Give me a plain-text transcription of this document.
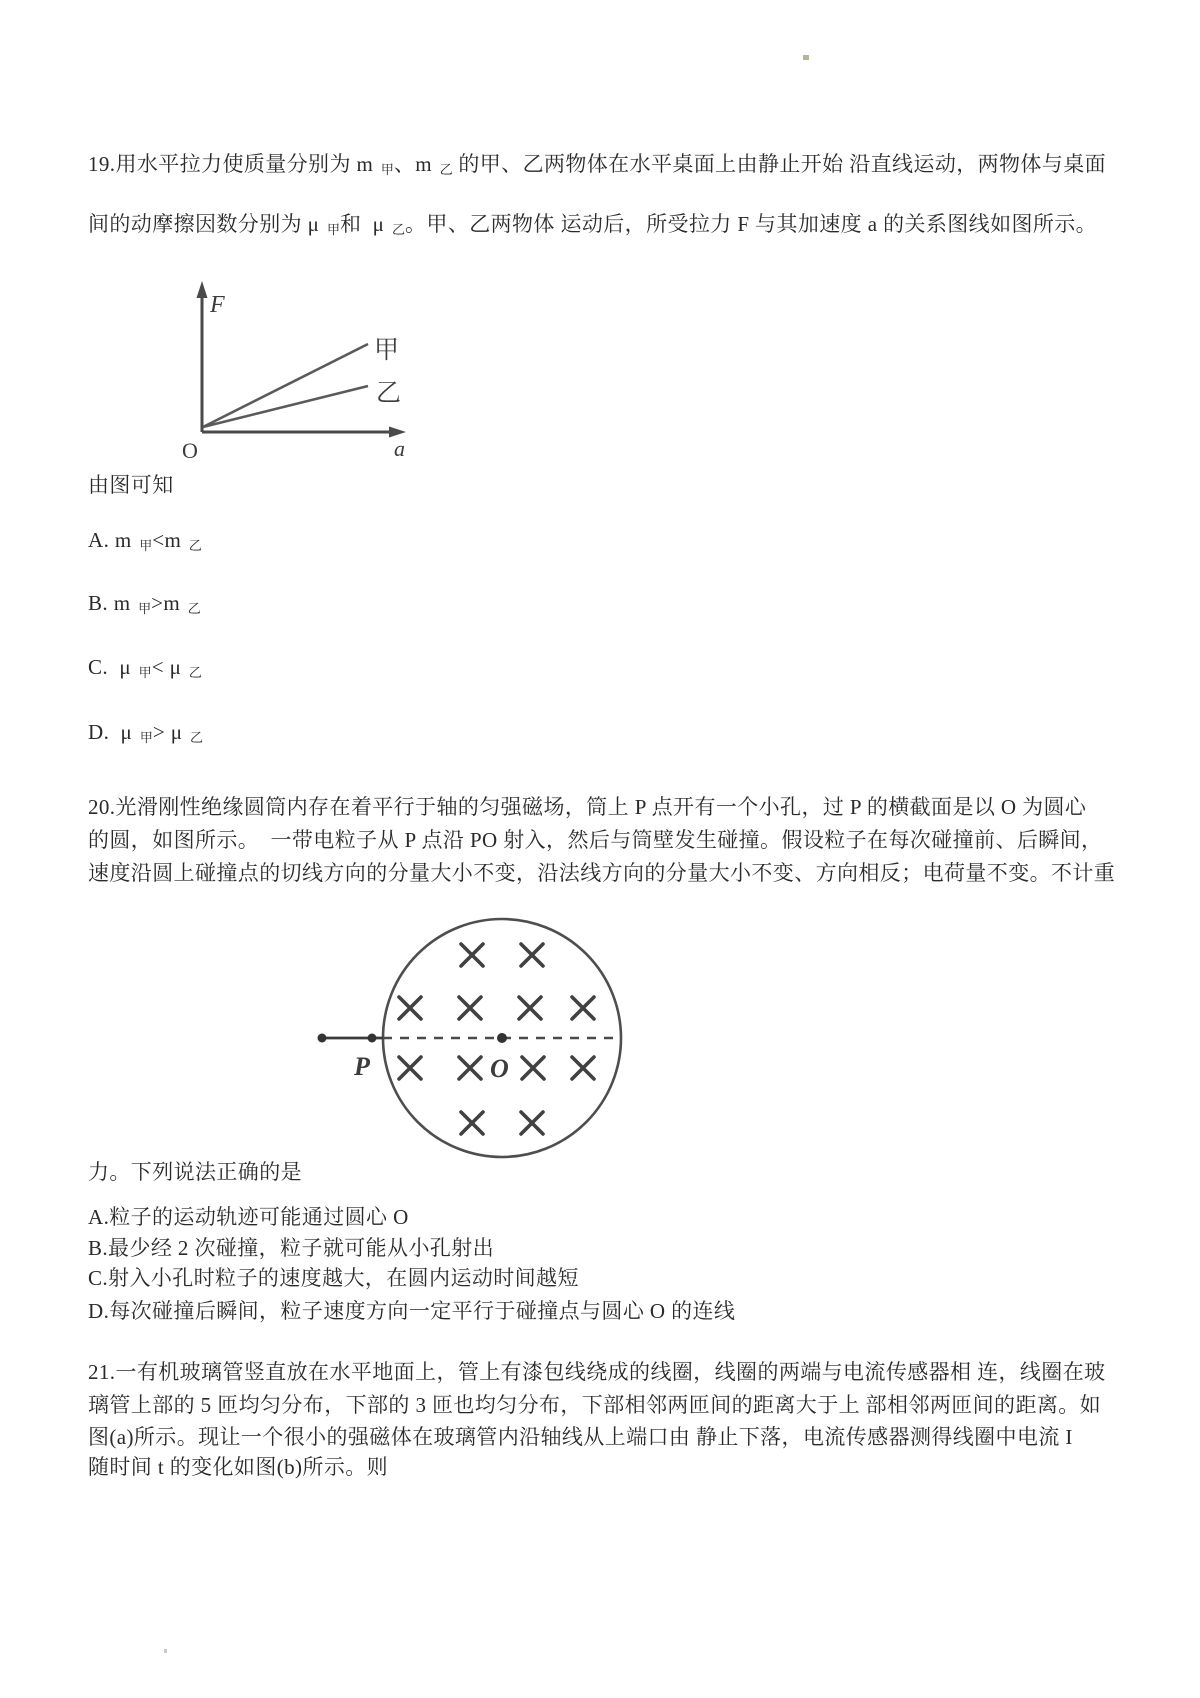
19.用水平拉力使质量分别为 m $_甲$、m $_乙$ 的甲、乙两物体在水平桌面上由静止开始 沿直线运动，两物体与桌面
间的动摩擦因数分别为 μ $_甲$和  μ $_乙$。甲、乙两物体 运动后，所受拉力 F 与其加速度 a 的关系图线如图所示。
F
a
O
甲
乙
由图可知
A. m $_甲$<m $_乙$
B. m $_甲$>m $_乙$
C.  μ $_甲$< μ $_乙$
D.  μ $_甲$> μ $_乙$
20.光滑刚性绝缘圆筒内存在着平行于轴的匀强磁场，筒上 P 点开有一个小孔，过 P 的横截面是以 O 为圆心
的圆，如图所示。  一带电粒子从 P 点沿 PO 射入，然后与筒壁发生碰撞。假设粒子在每次碰撞前、后瞬间，
速度沿圆上碰撞点的切线方向的分量大小不变，沿法线方向的分量大小不变、方向相反；电荷量不变。不计重
P	O
力。下列说法正确的是
A.粒子的运动轨迹可能通过圆心 O
B.最少经 2 次碰撞，粒子就可能从小孔射出
C.射入小孔时粒子的速度越大，在圆内运动时间越短
D.每次碰撞后瞬间，粒子速度方向一定平行于碰撞点与圆心 O 的连线
21.一有机玻璃管竖直放在水平地面上，管上有漆包线绕成的线圈，线圈的两端与电流传感器相 连，线圈在玻
璃管上部的 5 匝均匀分布，下部的 3 匝也均匀分布，下部相邻两匝间的距离大于上 部相邻两匝间的距离。如
图(a)所示。现让一个很小的强磁体在玻璃管内沿轴线从上端口由 静止下落，电流传感器测得线圈中电流 I
随时间 t 的变化如图(b)所示。则
